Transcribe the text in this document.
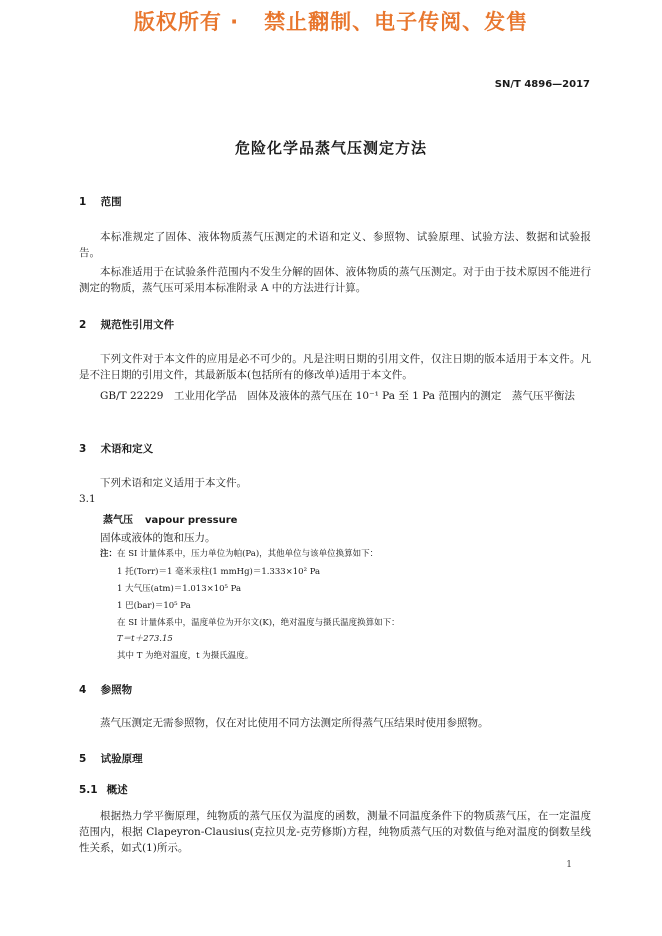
版权所有 ·   禁止翻制、电子传阅、发售
SN/T 4896—2017
危险化学品蒸气压测定方法
1 范围
本标准规定了固体、液体物质蒸气压测定的术语和定义、参照物、试验原理、试验方法、数据和试验报告。
本标准适用于在试验条件范围内不发生分解的固体、液体物质的蒸气压测定。对于由于技术原因不能进行测定的物质，蒸气压可采用本标准附录 A 中的方法进行计算。
2 规范性引用文件
下列文件对于本文件的应用是必不可少的。凡是注明日期的引用文件，仅注日期的版本适用于本文件。凡是不注日期的引用文件，其最新版本(包括所有的修改单)适用于本文件。
GB/T 22229　工业用化学品　固体及液体的蒸气压在 10⁻¹ Pa 至 1 Pa 范围内的测定　蒸气压平衡法
3 术语和定义
下列术语和定义适用于本文件。
3.1
蒸气压 vapour pressure
固体或液体的饱和压力。
注：在 SI 计量体系中，压力单位为帕(Pa)，其他单位与该单位换算如下：
1 托(Torr)＝1 毫米汞柱(1 mmHg)＝1.333×10² Pa
1 大气压(atm)＝1.013×10⁵ Pa
1 巴(bar)＝10⁵ Pa
在 SI 计量体系中，温度单位为开尔文(K)，绝对温度与摄氏温度换算如下：
T＝t＋273.15
其中 T 为绝对温度，t 为摄氏温度。
4 参照物
蒸气压测定无需参照物，仅在对比使用不同方法测定所得蒸气压结果时使用参照物。
5 试验原理
5.1 概述
根据热力学平衡原理，纯物质的蒸气压仅为温度的函数，测量不同温度条件下的物质蒸气压，在一定温度范围内，根据 Clapeyron-Clausius(克拉贝龙-克劳修斯)方程，纯物质蒸气压的对数值与绝对温度的倒数呈线性关系，如式(1)所示。
1
